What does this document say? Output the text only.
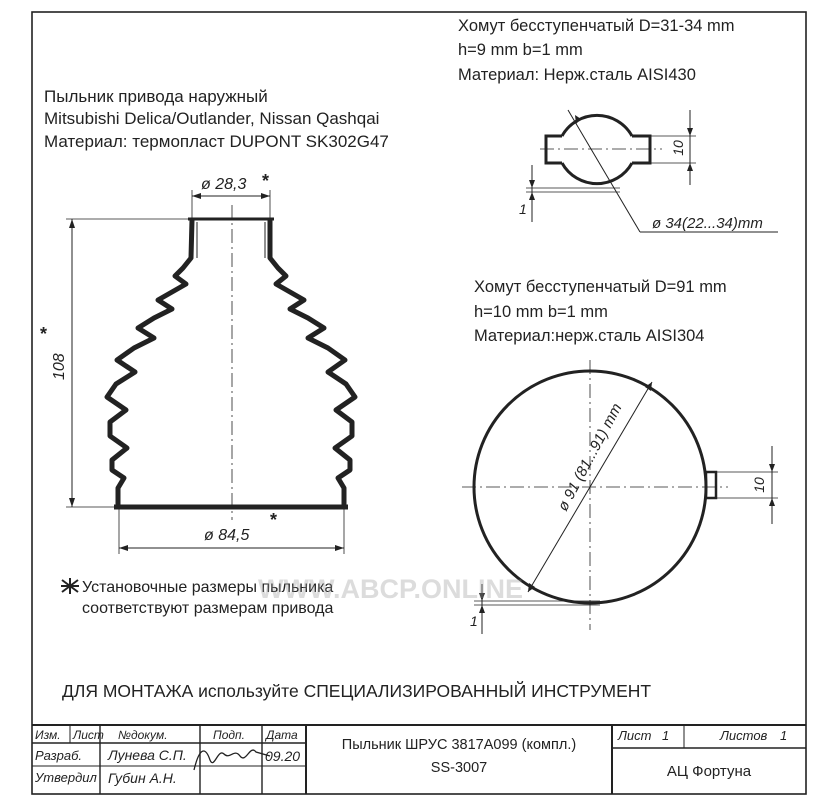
Пыльник привода наружный
Mitsubishi Delica/Outlander, Nissan Qashqai
Материал: термопласт DUPONT SK302G47
ø 28,3 *
108
*
ø 84,5
*
Установочные размеры пыльника
соответствуют размерам привода
Хомут бесступенчатый D=31-34 mm
h=9 mm b=1 mm
Материал: Нерж.сталь AISI430
10
1
ø 34(22...34)mm
Хомут бесступенчатый D=91 mm
h=10 mm b=1 mm
Материал:нерж.сталь AISI304
ø 91 (81...91) mm	10
1
WWW.ABCP.ONLINE
ДЛЯ МОНТАЖА используйте СПЕЦИАЛИЗИРОВАННЫЙ ИНСТРУМЕНТ
Изм. Лист №докум.	Подп. Дата
Разраб. Лунева С.П.	09.20
Утвердил Губин А.Н.
Пыльник ШРУС 3817A099 (компл.)
SS-3007
Лист 1	Листов 1
АЦ Фортуна
